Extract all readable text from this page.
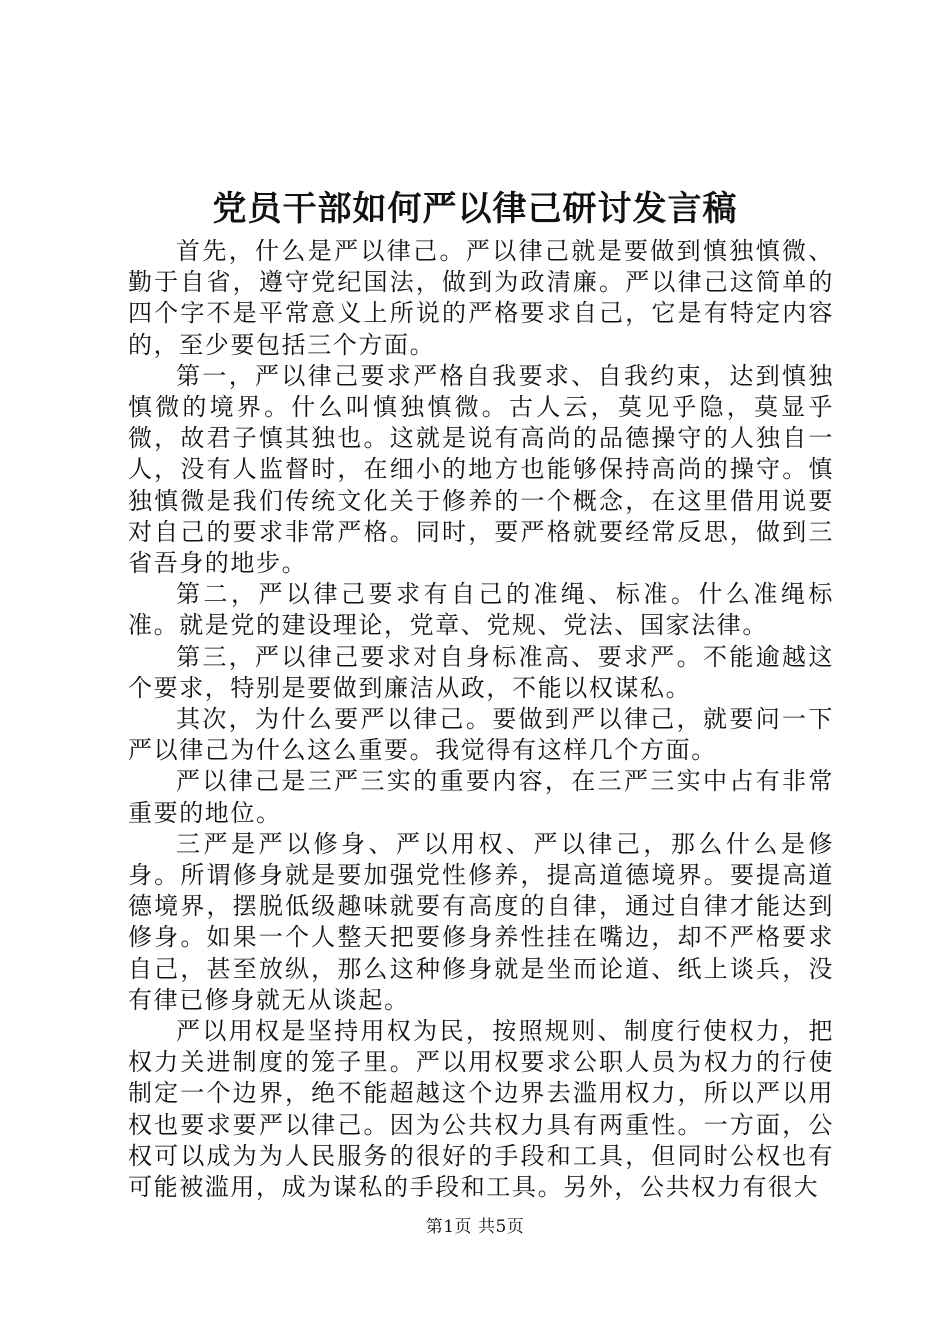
党员干部如何严以律己研讨发言稿

首先，什么是严以律己。严以律己就是要做到慎独慎微、勤于自省，遵守党纪国法，做到为政清廉。严以律己这简单的四个字不是平常意义上所说的严格要求自己，它是有特定内容的，至少要包括三个方面。

第一，严以律己要求严格自我要求、自我约束，达到慎独慎微的境界。什么叫慎独慎微。古人云，莫见乎隐，莫显乎微，故君子慎其独也。这就是说有高尚的品德操守的人独自一人，没有人监督时，在细小的地方也能够保持高尚的操守。慎独慎微是我们传统文化关于修养的一个概念，在这里借用说要对自己的要求非常严格。同时，要严格就要经常反思，做到三省吾身的地步。

第二，严以律己要求有自己的准绳、标准。什么准绳标准。就是党的建设理论，党章、党规、党法、国家法律。

第三，严以律己要求对自身标准高、要求严。不能逾越这个要求，特别是要做到廉洁从政，不能以权谋私。

其次，为什么要严以律己。要做到严以律己，就要问一下严以律己为什么这么重要。我觉得有这样几个方面。

严以律己是三严三实的重要内容，在三严三实中占有非常重要的地位。

三严是严以修身、严以用权、严以律己，那么什么是修身。所谓修身就是要加强党性修养，提高道德境界。要提高道德境界，摆脱低级趣味就要有高度的自律，通过自律才能达到修身。如果一个人整天把要修身养性挂在嘴边，却不严格要求自己，甚至放纵，那么这种修身就是坐而论道、纸上谈兵，没有律已修身就无从谈起。

严以用权是坚持用权为民，按照规则、制度行使权力，把权力关进制度的笼子里。严以用权要求公职人员为权力的行使制定一个边界，绝不能超越这个边界去滥用权力，所以严以用权也要求要严以律己。因为公共权力具有两重性。一方面，公权可以成为为人民服务的很好的手段和工具，但同时公权也有可能被滥用，成为谋私的手段和工具。另外，公共权力有很大

第1页 共5页
